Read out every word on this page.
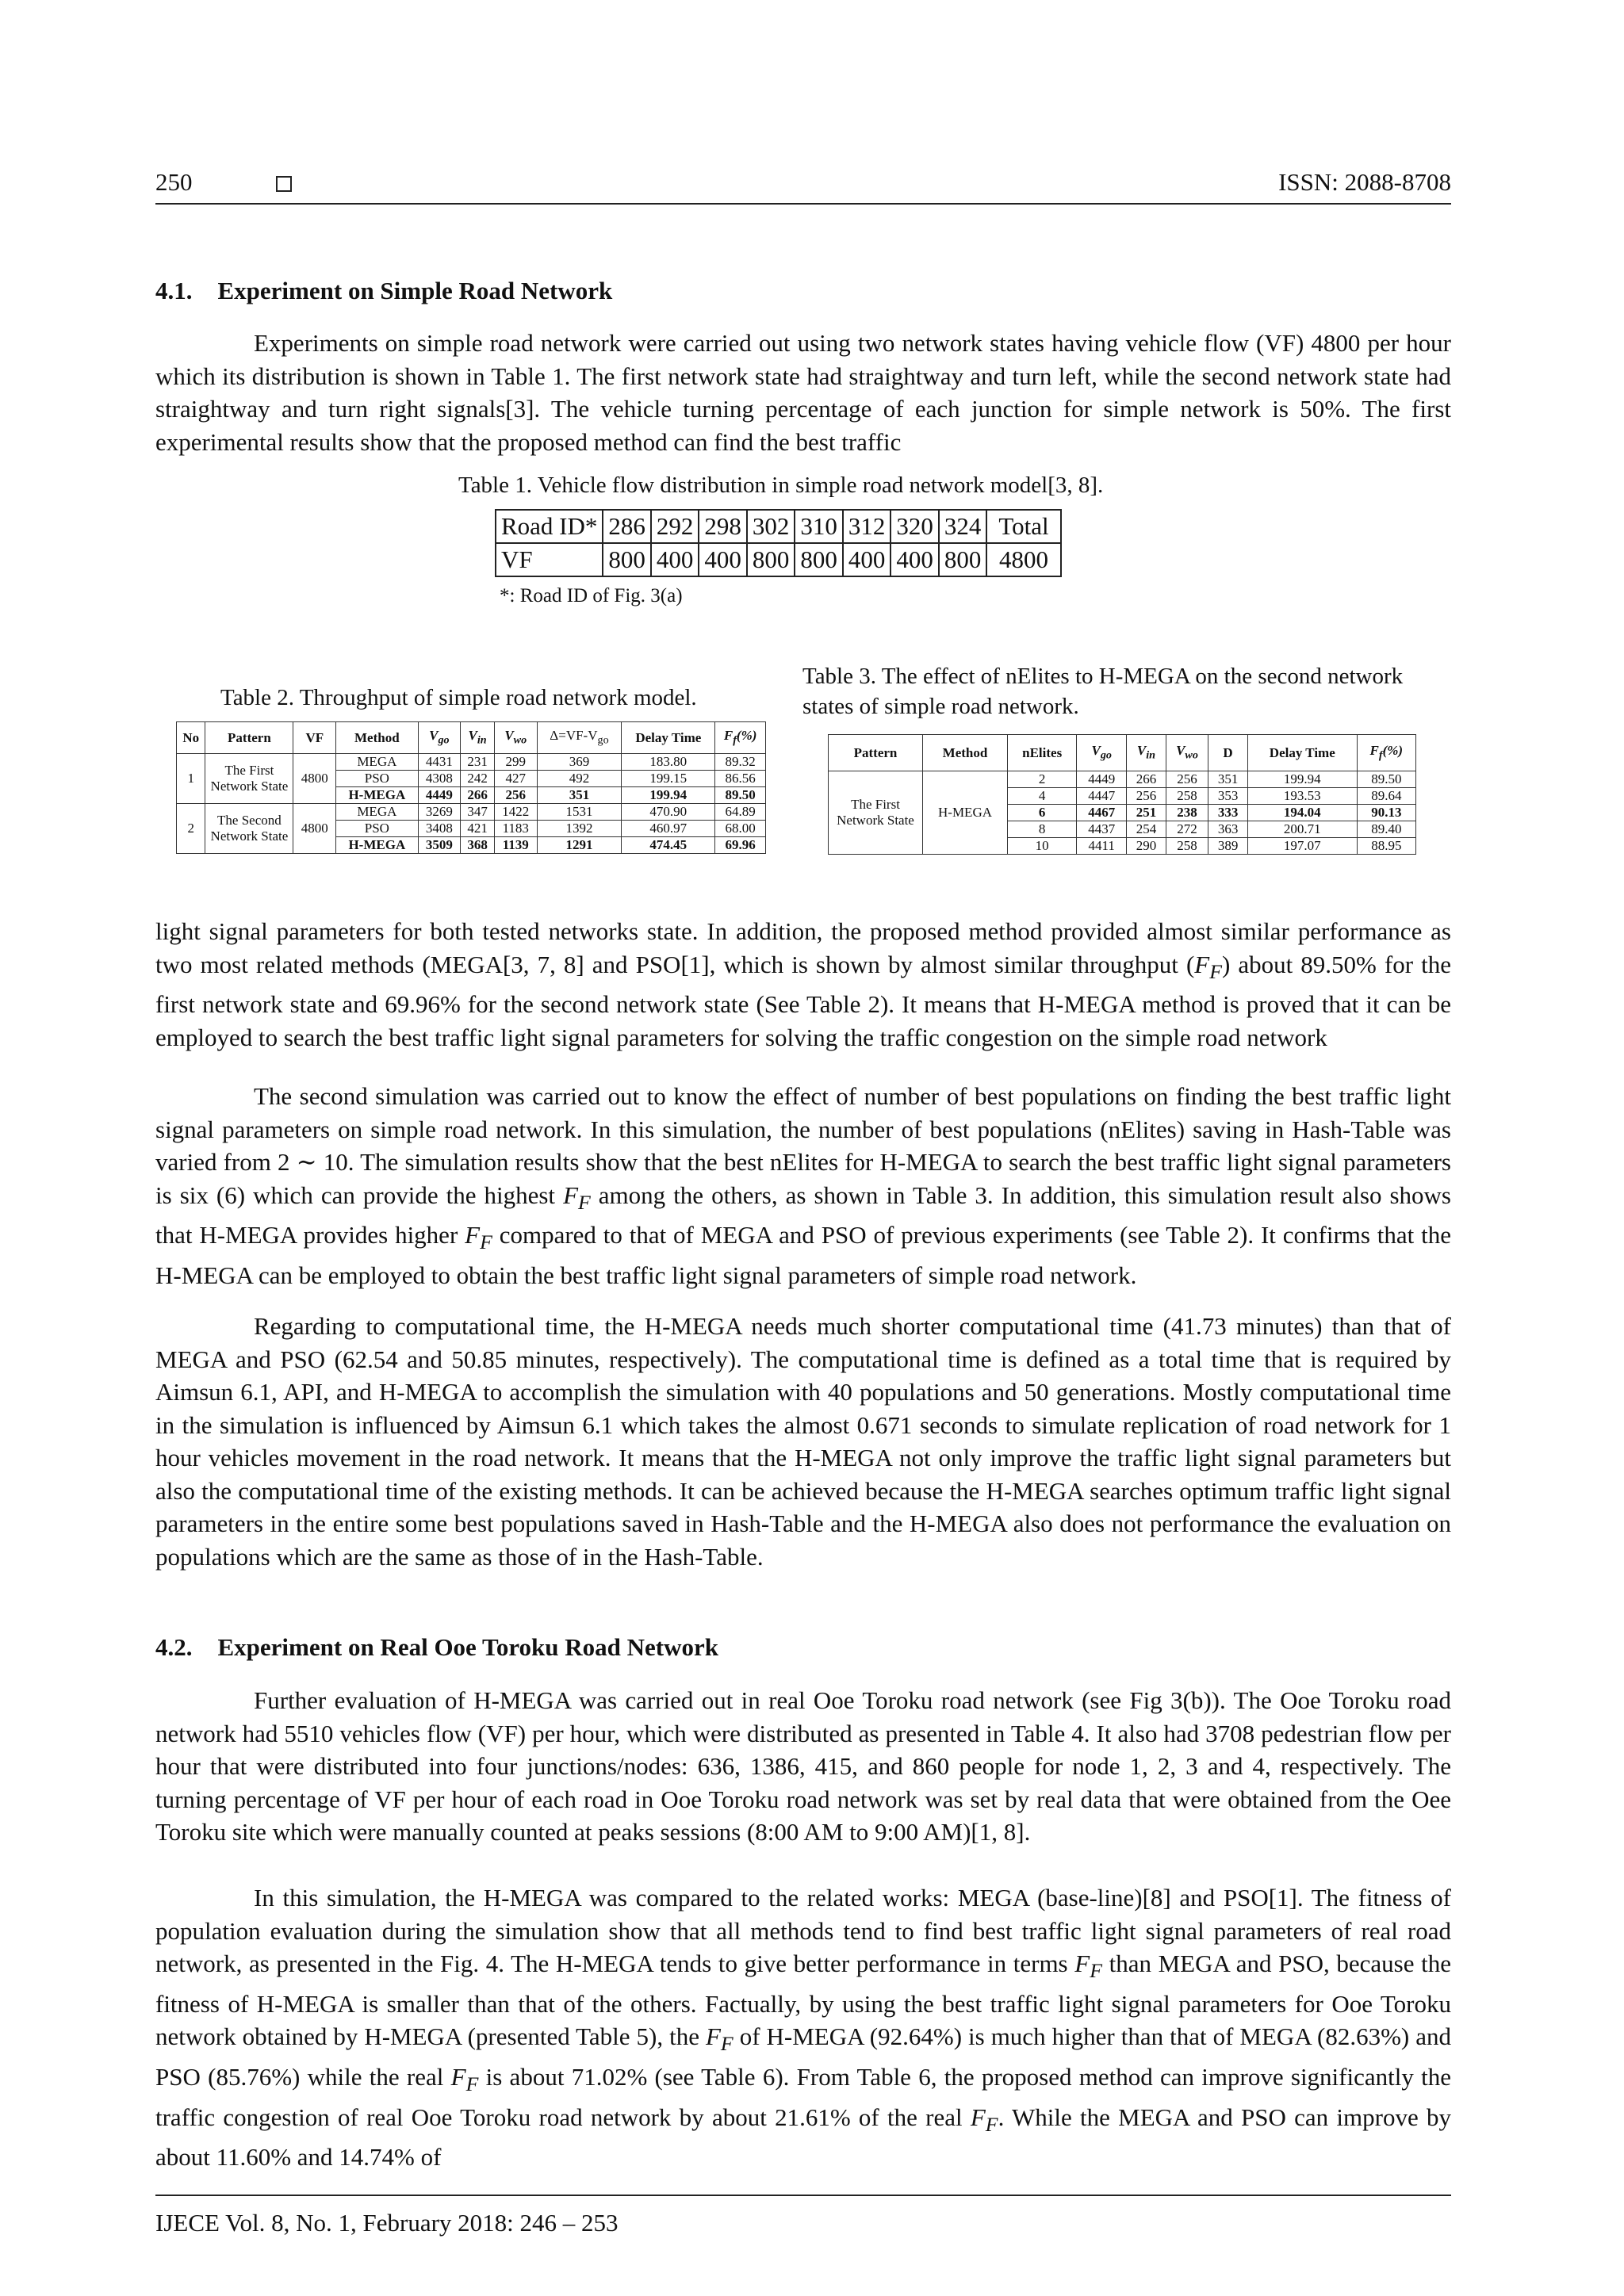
250	ISSN: 2088-8708
4.1. Experiment on Simple Road Network

Experiments on simple road network were carried out using two network states having vehicle flow (VF) 4800 per hour which its distribution is shown in Table 1. The first network state had straightway and turn left, while the second network state had straightway and turn right signals[3]. The vehicle turning percentage of each junction for simple network is 50%. The first experimental results show that the proposed method can find the best traffic

Table 1. Vehicle flow distribution in simple road network model[3, 8].
Road ID*	286	292	298	302	310	312	320	324	Total
VF	800	400	400	800	800	400	400	800	4800
*: Road ID of Fig. 3(a)
Table 2. Throughput of simple road network model.
No	Pattern	VF	Method	$V_{go}$	$V_{in}$	$V_{wo}$	$\Delta=VF-V_{go}$	Delay Time	$F_f(\%)$
1	The First Network State	4800	MEGA	4431	231	299	369	183.80	89.32
			PSO	4308	242	427	492	199.15	86.56
			H-MEGA	4449	266	256	351	199.94	89.50
2	The Second Network State	4800	MEGA	3269	347	1422	1531	470.90	64.89
			PSO	3408	421	1183	1392	460.97	68.00
			H-MEGA	3509	368	1139	1291	474.45	69.96
Table 3. The effect of nElites to H-MEGA on the second network states of simple road network.
Pattern	Method	nElites	$V_{go}$	$V_{in}$	$V_{wo}$	D	Delay Time	$F_f(\%)$
The First Network State	H-MEGA	2	4449	266	256	351	199.94	89.50
		4	4447	256	258	353	193.53	89.64
		6	4467	251	238	333	194.04	90.13
		8	4437	254	272	363	200.71	89.40
		10	4411	290	258	389	197.07	88.95

light signal parameters for both tested networks state. In addition, the proposed method provided almost similar performance as two most related methods (MEGA[3, 7, 8] and PSO[1], which is shown by almost similar throughput $(F_F)$ about 89.50% for the first network state and 69.96% for the second network state (See Table 2). It means that H-MEGA method is proved that it can be employed to search the best traffic light signal parameters for solving the traffic congestion on the simple road network

The second simulation was carried out to know the effect of number of best populations on finding the best traffic light signal parameters on simple road network. In this simulation, the number of best populations (nElites) saving in Hash-Table was varied from 2 ∼ 10. The simulation results show that the best nElites for H-MEGA to search the best traffic light signal parameters is six (6) which can provide the highest $F_F$ among the others, as shown in Table 3. In addition, this simulation result also shows that H-MEGA provides higher $F_F$ compared to that of MEGA and PSO of previous experiments (see Table 2). It confirms that the H-MEGA can be employed to obtain the best traffic light signal parameters of simple road network.

Regarding to computational time, the H-MEGA needs much shorter computational time (41.73 minutes) than that of MEGA and PSO (62.54 and 50.85 minutes, respectively). The computational time is defined as a total time that is required by Aimsun 6.1, API, and H-MEGA to accomplish the simulation with 40 populations and 50 generations. Mostly computational time in the simulation is influenced by Aimsun 6.1 which takes the almost 0.671 seconds to simulate replication of road network for 1 hour vehicles movement in the road network. It means that the H-MEGA not only improve the traffic light signal parameters but also the computational time of the existing methods. It can be achieved because the H-MEGA searches optimum traffic light signal parameters in the entire some best populations saved in Hash-Table and the H-MEGA also does not performance the evaluation on populations which are the same as those of in the Hash-Table.

4.2. Experiment on Real Ooe Toroku Road Network

Further evaluation of H-MEGA was carried out in real Ooe Toroku road network (see Fig 3(b)). The Ooe Toroku road network had 5510 vehicles flow (VF) per hour, which were distributed as presented in Table 4. It also had 3708 pedestrian flow per hour that were distributed into four junctions/nodes: 636, 1386, 415, and 860 people for node 1, 2, 3 and 4, respectively. The turning percentage of VF per hour of each road in Ooe Toroku road network was set by real data that were obtained from the Oee Toroku site which were manually counted at peaks sessions (8:00 AM to 9:00 AM)[1, 8].

In this simulation, the H-MEGA was compared to the related works: MEGA (base-line)[8] and PSO[1]. The fitness of population evaluation during the simulation show that all methods tend to find best traffic light signal parameters of real road network, as presented in the Fig. 4. The H-MEGA tends to give better performance in terms $F_F$ than MEGA and PSO, because the fitness of H-MEGA is smaller than that of the others. Factually, by using the best traffic light signal parameters for Ooe Toroku network obtained by H-MEGA (presented Table 5), the $F_F$ of H-MEGA (92.64%) is much higher than that of MEGA (82.63%) and PSO (85.76%) while the real $F_F$ is about 71.02% (see Table 6). From Table 6, the proposed method can improve significantly the traffic congestion of real Ooe Toroku road network by about 21.61% of the real $F_F$. While the MEGA and PSO can improve by about 11.60% and 14.74% of

IJECE Vol. 8, No. 1, February 2018: 246 – 253
